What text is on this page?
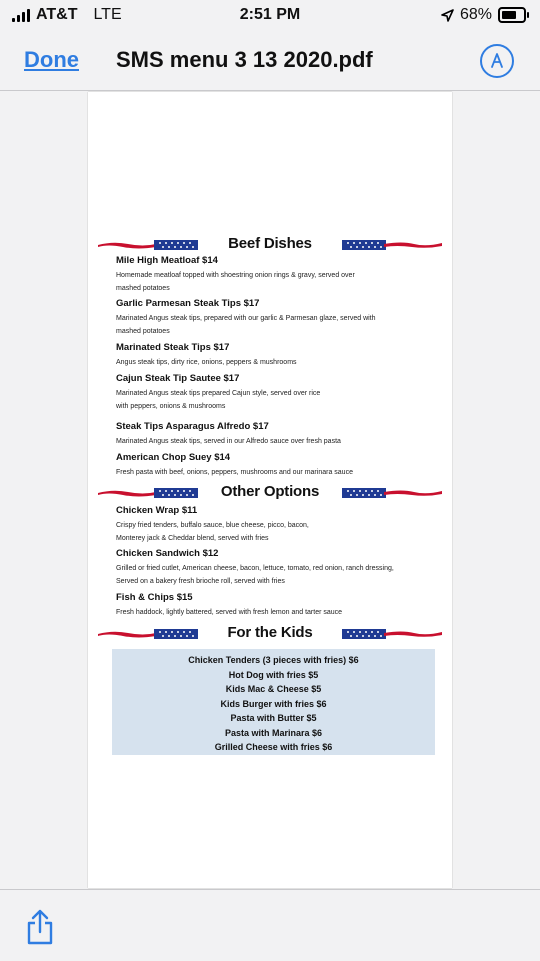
AT&T LTE	2:51 PM	68%
Done SMS menu 3 13 2020.pdf
Beef Dishes
Mile High Meatloaf $14
Homemade meatloaf topped with shoestring onion rings & gravy, served over
mashed potatoes
Garlic Parmesan Steak Tips $17
Marinated Angus steak tips, prepared with our garlic & Parmesan glaze, served with
mashed potatoes
Marinated Steak Tips $17
Angus steak tips, dirty rice, onions, peppers & mushrooms
Cajun Steak Tip Sautee $17
Marinated Angus steak tips prepared Cajun style, served over rice
with peppers, onions & mushrooms
Steak Tips Asparagus Alfredo $17
Marinated Angus steak tips, served in our Alfredo sauce over fresh pasta
American Chop Suey $14
Fresh pasta with beef, onions, peppers, mushrooms and our marinara sauce
Other Options
Chicken Wrap $11
Crispy fried tenders, buffalo sauce, blue cheese, picco, bacon,
Monterey jack & Cheddar blend, served with fries
Chicken Sandwich $12
Grilled or fried cutlet, American cheese, bacon, lettuce, tomato, red onion, ranch dressing,
Served on a bakery fresh brioche roll, served with fries
Fish & Chips $15
Fresh haddock, lightly battered, served with fresh lemon and tarter sauce
For the Kids
Chicken Tenders (3 pieces with fries) $6
Hot Dog with fries $5
Kids Mac & Cheese $5
Kids Burger with fries $6
Pasta with Butter $5
Pasta with Marinara $6
Grilled Cheese with fries $6
